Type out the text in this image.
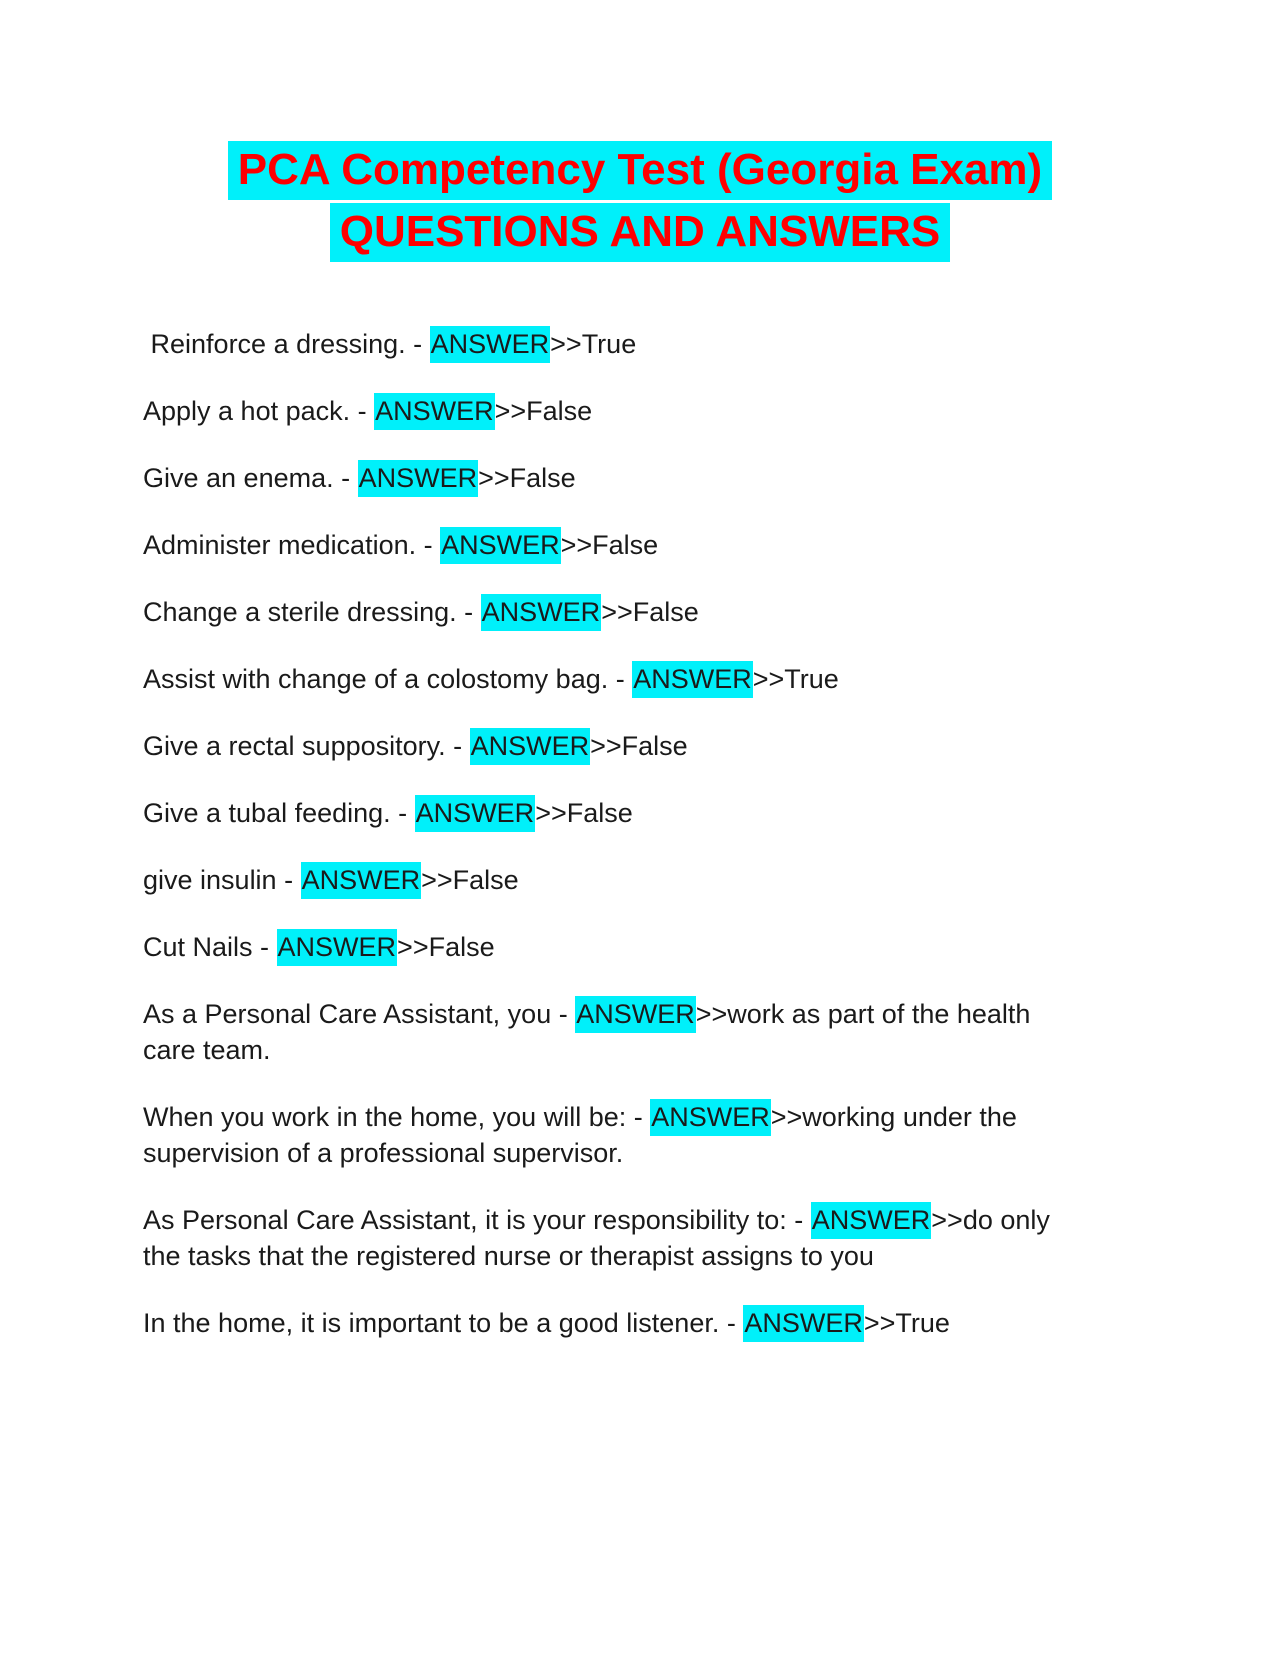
PCA Competency Test (Georgia Exam)
QUESTIONS AND ANSWERS

Reinforce a dressing. - ANSWER>>True

Apply a hot pack. - ANSWER>>False

Give an enema. - ANSWER>>False

Administer medication. - ANSWER>>False

Change a sterile dressing. - ANSWER>>False

Assist with change of a colostomy bag. - ANSWER>>True

Give a rectal suppository. - ANSWER>>False

Give a tubal feeding. - ANSWER>>False

give insulin - ANSWER>>False

Cut Nails - ANSWER>>False

As a Personal Care Assistant, you - ANSWER>>work as part of the health care team.

When you work in the home, you will be: - ANSWER>>working under the supervision of a professional supervisor.

As Personal Care Assistant, it is your responsibility to: - ANSWER>>do only the tasks that the registered nurse or therapist assigns to you

In the home, it is important to be a good listener. - ANSWER>>True
